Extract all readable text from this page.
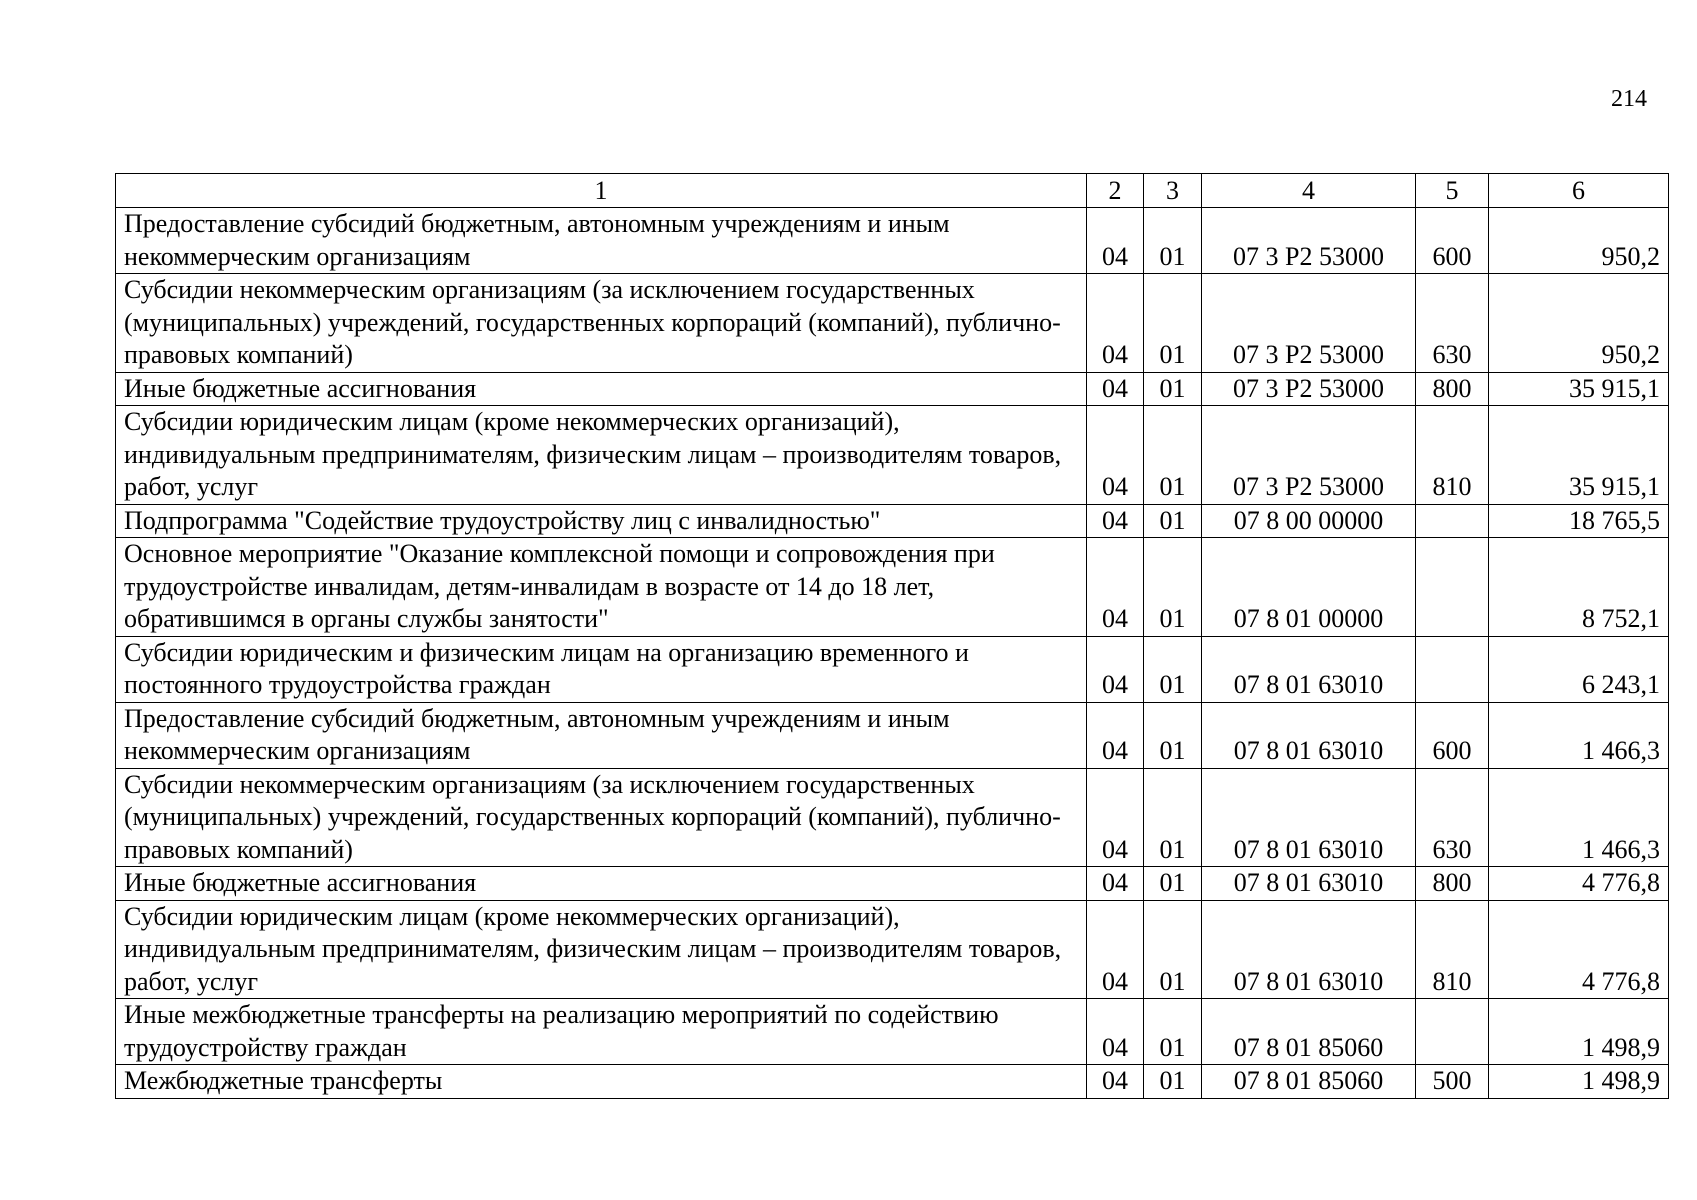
214
1	2	3	4	5	6
Предоставление субсидий бюджетным, автономным учреждениям и иным некоммерческим организациям	04	01	07 3 P2 53000	600	950,2
Субсидии некоммерческим организациям (за исключением государственных (муниципальных) учреждений, государственных корпораций (компаний), публично-правовых компаний)	04	01	07 3 P2 53000	630	950,2
Иные бюджетные ассигнования	04	01	07 3 P2 53000	800	35 915,1
Субсидии юридическим лицам (кроме некоммерческих организаций), индивидуальным предпринимателям, физическим лицам – производителям товаров, работ, услуг	04	01	07 3 P2 53000	810	35 915,1
Подпрограмма "Содействие трудоустройству лиц с инвалидностью"	04	01	07 8 00 00000		18 765,5
Основное мероприятие "Оказание комплексной помощи и сопровождения при трудоустройстве инвалидам, детям-инвалидам в возрасте от 14 до 18 лет, обратившимся в органы службы занятости"	04	01	07 8 01 00000		8 752,1
Субсидии юридическим и физическим лицам на организацию временного и постоянного трудоустройства граждан	04	01	07 8 01 63010		6 243,1
Предоставление субсидий бюджетным, автономным учреждениям и иным некоммерческим организациям	04	01	07 8 01 63010	600	1 466,3
Субсидии некоммерческим организациям (за исключением государственных (муниципальных) учреждений, государственных корпораций (компаний), публично-правовых компаний)	04	01	07 8 01 63010	630	1 466,3
Иные бюджетные ассигнования	04	01	07 8 01 63010	800	4 776,8
Субсидии юридическим лицам (кроме некоммерческих организаций), индивидуальным предпринимателям, физическим лицам – производителям товаров, работ, услуг	04	01	07 8 01 63010	810	4 776,8
Иные межбюджетные трансферты на реализацию мероприятий по содействию трудоустройству граждан	04	01	07 8 01 85060		1 498,9
Межбюджетные трансферты	04	01	07 8 01 85060	500	1 498,9
